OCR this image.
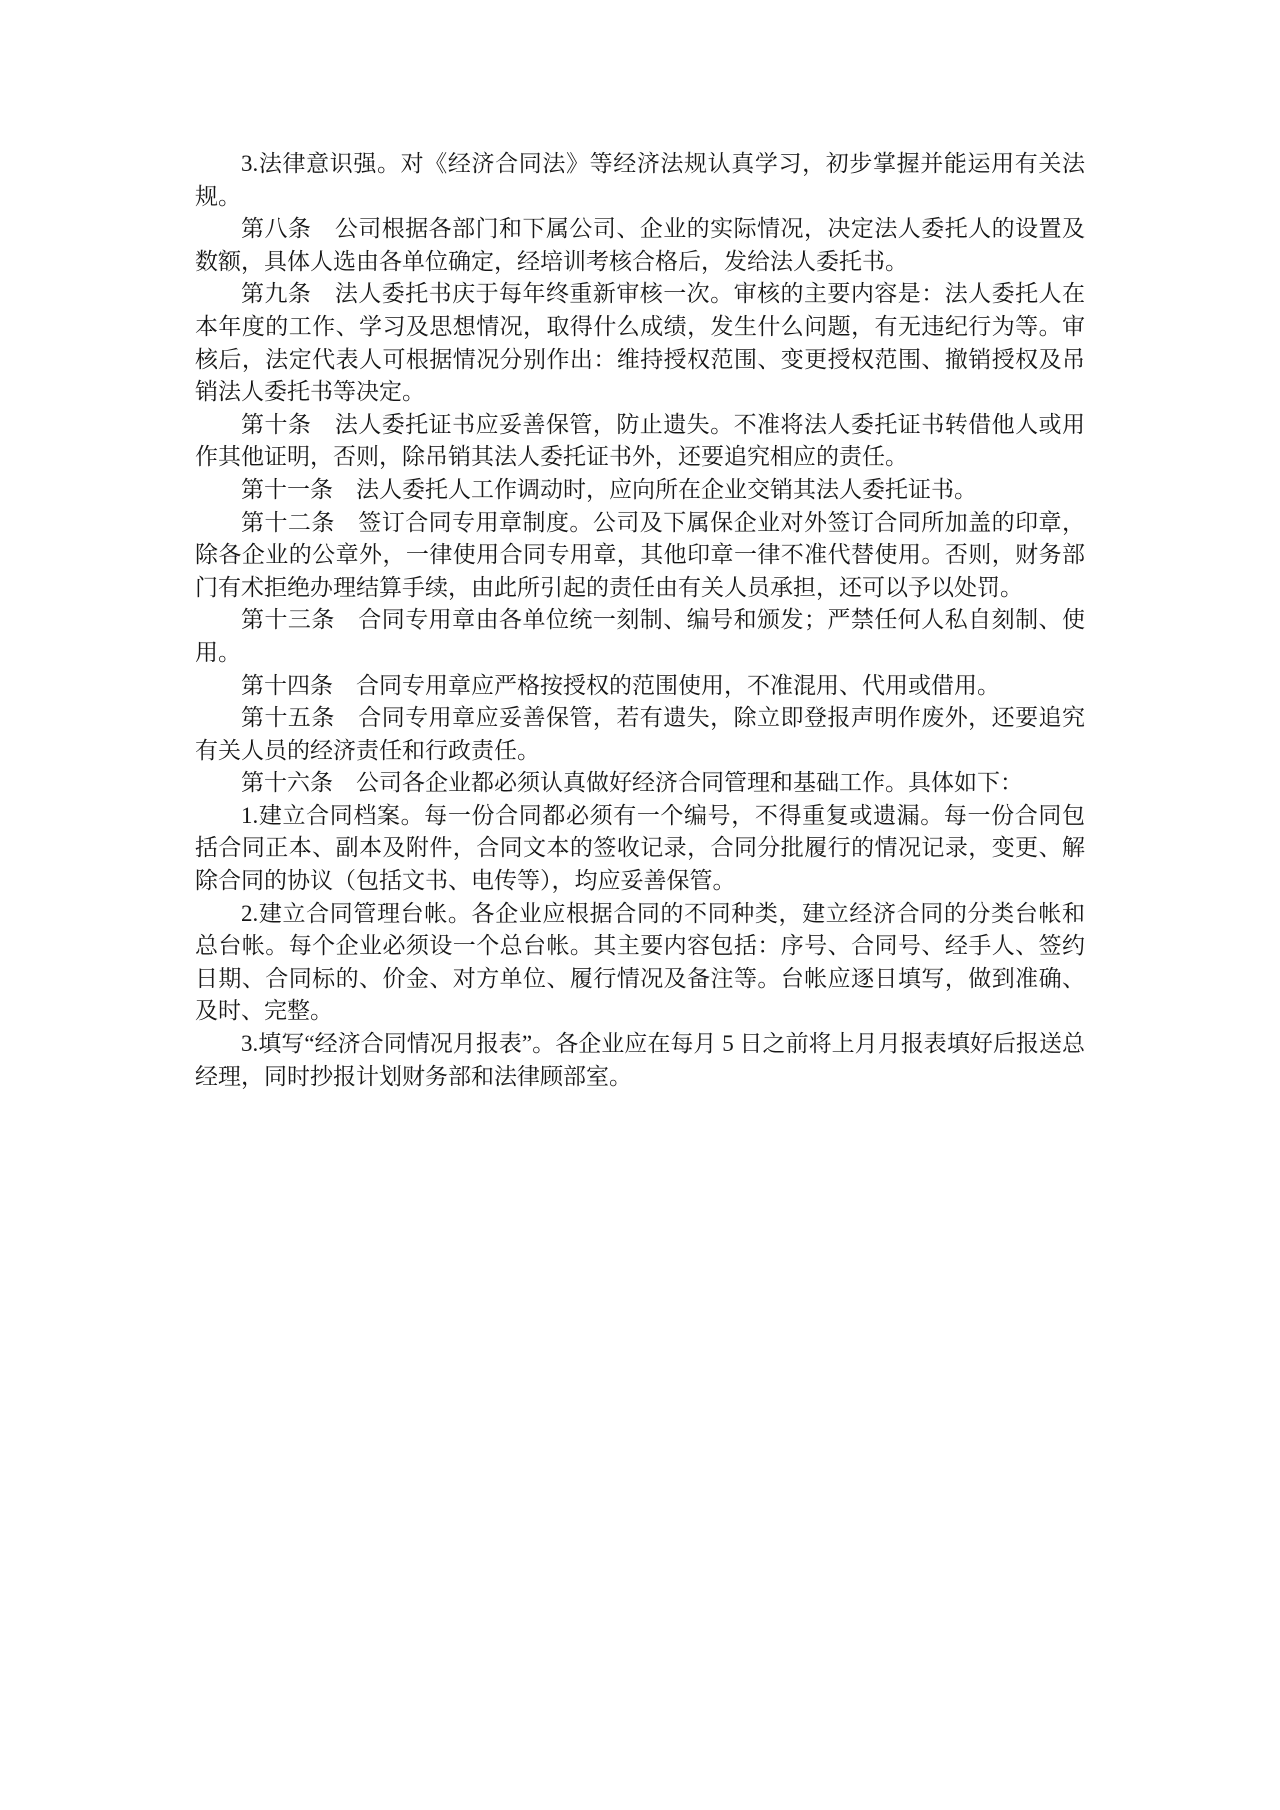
3.法律意识强。对《经济合同法》等经济法规认真学习，初步掌握并能运用有关法规。

第八条　公司根据各部门和下属公司、企业的实际情况，决定法人委托人的设置及数额，具体人选由各单位确定，经培训考核合格后，发给法人委托书。

第九条　法人委托书庆于每年终重新审核一次。审核的主要内容是：法人委托人在本年度的工作、学习及思想情况，取得什么成绩，发生什么问题，有无违纪行为等。审核后，法定代表人可根据情况分别作出：维持授权范围、变更授权范围、撤销授权及吊销法人委托书等决定。

第十条　法人委托证书应妥善保管，防止遗失。不准将法人委托证书转借他人或用作其他证明，否则，除吊销其法人委托证书外，还要追究相应的责任。

第十一条　法人委托人工作调动时，应向所在企业交销其法人委托证书。

第十二条　签订合同专用章制度。公司及下属保企业对外签订合同所加盖的印章，除各企业的公章外，一律使用合同专用章，其他印章一律不准代替使用。否则，财务部门有术拒绝办理结算手续，由此所引起的责任由有关人员承担，还可以予以处罚。

第十三条　合同专用章由各单位统一刻制、编号和颁发；严禁任何人私自刻制、使用。

第十四条　合同专用章应严格按授权的范围使用，不准混用、代用或借用。

第十五条　合同专用章应妥善保管，若有遗失，除立即登报声明作废外，还要追究有关人员的经济责任和行政责任。

第十六条　公司各企业都必须认真做好经济合同管理和基础工作。具体如下：

1.建立合同档案。每一份合同都必须有一个编号，不得重复或遗漏。每一份合同包括合同正本、副本及附件，合同文本的签收记录，合同分批履行的情况记录，变更、解除合同的协议（包括文书、电传等），均应妥善保管。

2.建立合同管理台帐。各企业应根据合同的不同种类，建立经济合同的分类台帐和总台帐。每个企业必须设一个总台帐。其主要内容包括：序号、合同号、经手人、签约日期、合同标的、价金、对方单位、履行情况及备注等。台帐应逐日填写，做到准确、及时、完整。

3.填写“经济合同情况月报表”。各企业应在每月 5 日之前将上月月报表填好后报送总经理，同时抄报计划财务部和法律顾部室。
